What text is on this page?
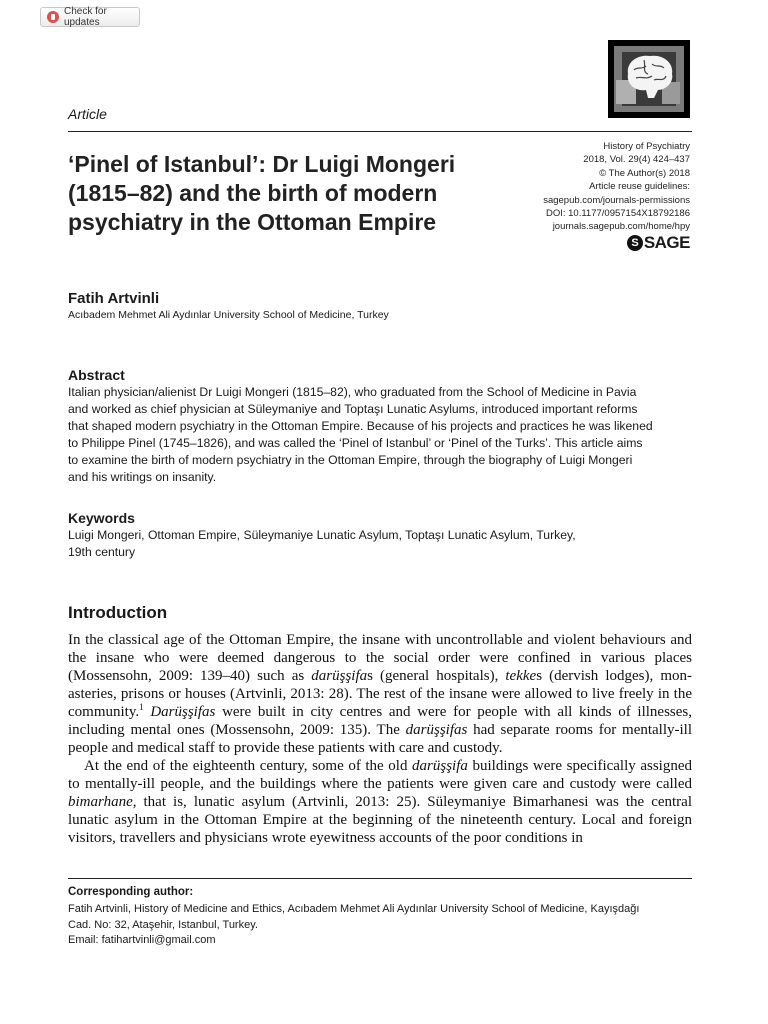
Check for updates
Article
‘Pinel of Istanbul’: Dr Luigi Mongeri
(1815–82) and the birth of modern
psychiatry in the Ottoman Empire
History of Psychiatry
2018, Vol. 29(4) 424–437
© The Author(s) 2018
Article reuse guidelines:
sagepub.com/journals-permissions
DOI: 10.1177/0957154X18792186
journals.sagepub.com/home/hpy
S SAGE
Fatih Artvinli
Acıbadem Mehmet Ali Aydınlar University School of Medicine, Turkey
Abstract
Italian physician/alienist Dr Luigi Mongeri (1815–82), who graduated from the School of Medicine in Pavia
and worked as chief physician at Süleymaniye and Toptaşı Lunatic Asylums, introduced important reforms
that shaped modern psychiatry in the Ottoman Empire. Because of his projects and practices he was likened
to Philippe Pinel (1745–1826), and was called the ‘Pinel of Istanbul’ or ‘Pinel of the Turks’. This article aims
to examine the birth of modern psychiatry in the Ottoman Empire, through the biography of Luigi Mongeri
and his writings on insanity.
Keywords
Luigi Mongeri, Ottoman Empire, Süleymaniye Lunatic Asylum, Toptaşı Lunatic Asylum, Turkey,
19th century
Introduction

In the classical age of the Ottoman Empire, the insane with uncontrollable and violent behaviours and the insane who were deemed dangerous to the social order were confined in various places (Mossensohn, 2009: 139–40) such as darüşşifas (general hospitals), tekkes (dervish lodges), monasteries, prisons or houses (Artvinli, 2013: 28). The rest of the insane were allowed to live freely in the community.$^1$ Darüşşifas were built in city centres and were for people with all kinds of illnesses, including mental ones (Mossensohn, 2009: 135). The darüşşifas had separate rooms for mentally-ill people and medical staff to provide these patients with care and custody.

At the end of the eighteenth century, some of the old darüşşifa buildings were specifically assigned to mentally-ill people, and the buildings where the patients were given care and custody were called bimarhane, that is, lunatic asylum (Artvinli, 2013: 25). Süleymaniye Bimarhanesi was the central lunatic asylum in the Ottoman Empire at the beginning of the nineteenth century. Local and foreign visitors, travellers and physicians wrote eyewitness accounts of the poor conditions in

Corresponding author:
Fatih Artvinli, History of Medicine and Ethics, Acıbadem Mehmet Ali Aydınlar University School of Medicine, Kayışdağı
Cad. No: 32, Ataşehir, Istanbul, Turkey.
Email: fatihartvinli@gmail.com
